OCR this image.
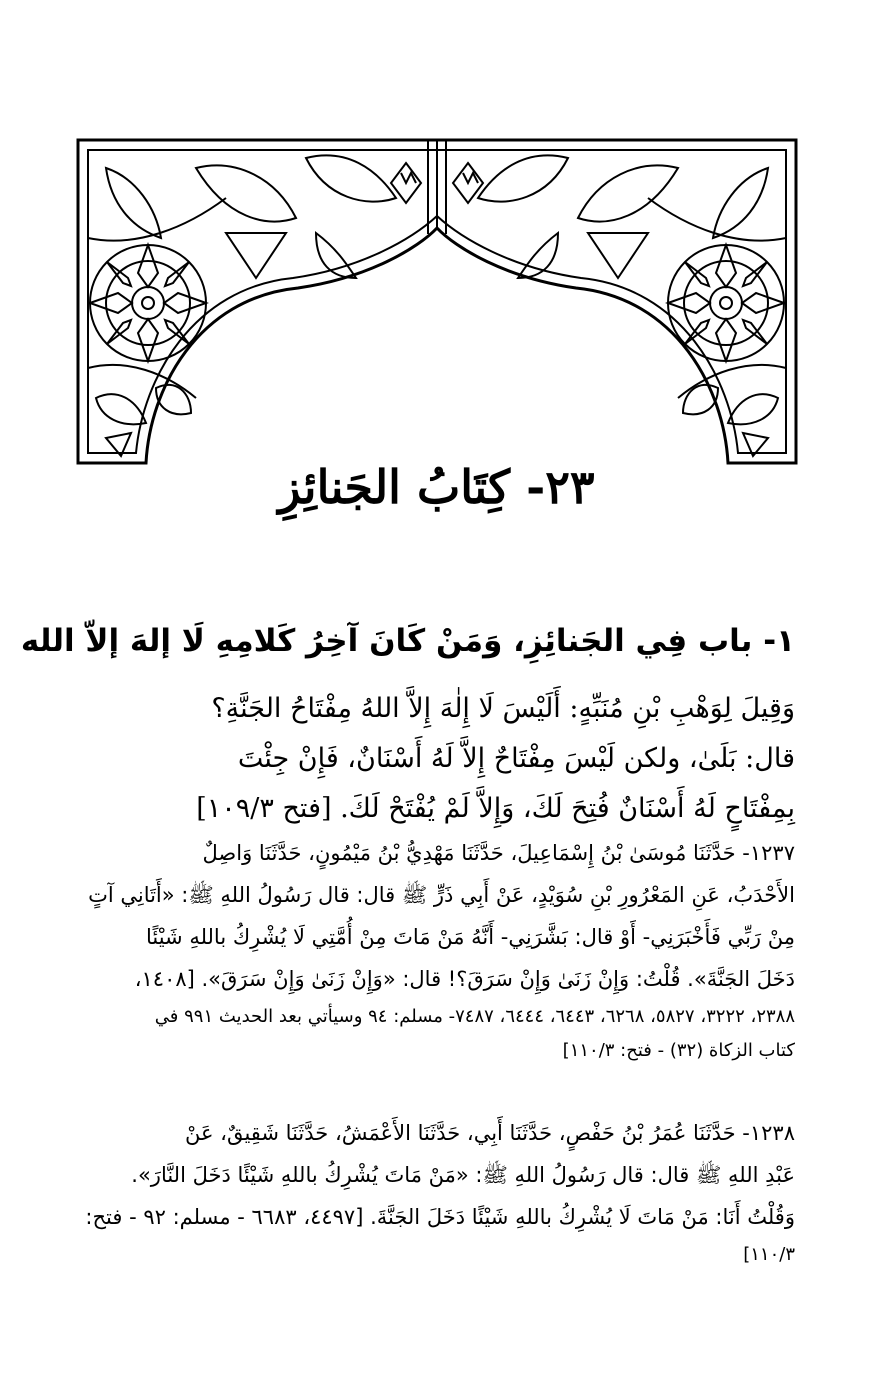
٢٣- كِتَابُ الجَنائِزِ
١- باب فِي الجَنائِزِ، وَمَنْ كَانَ آخِرُ كَلامِهِ لَا إلهَ إلاّ الله
وَقِيلَ لِوَهْبِ بْنِ مُنَبِّهٍ: أَلَيْسَ لَا إِلٰهَ إِلاَّ اللهُ مِفْتَاحُ الجَنَّةِ؟
قال: بَلَىٰ، ولكن لَيْسَ مِفْتَاحٌ إِلاَّ لَهُ أَسْنَانٌ، فَإِنْ جِئْتَ
بِمِفْتَاحٍ لَهُ أَسْنَانٌ فُتِحَ لَكَ، وَإِلاَّ لَمْ يُفْتَحْ لَكَ. [فتح ١٠٩/٣]
١٢٣٧- حَدَّثَنَا مُوسَىٰ بْنُ إِسْمَاعِيلَ، حَدَّثَنَا مَهْدِيُّ بْنُ مَيْمُونٍ، حَدَّثَنَا وَاصِلٌ
الأَحْدَبُ، عَنِ المَعْرُورِ بْنِ سُوَيْدٍ، عَنْ أَبِي ذَرٍّ ﷺ قال: قال رَسُولُ اللهِ ﷺ: «أَتَانِي آتٍ
مِنْ رَبِّي فَأَخْبَرَنِي- أَوْ قال: بَشَّرَنِي- أَنَّهُ مَنْ مَاتَ مِنْ أُمَّتِي لَا يُشْرِكُ باللهِ شَيْئًا
دَخَلَ الجَنَّةَ». قُلْتُ: وَإِنْ زَنَىٰ وَإِنْ سَرَقَ؟! قال: «وَإِنْ زَنَىٰ وَإِنْ سَرَقَ». [١٤٠٨،
٢٣٨٨، ٣٢٢٢، ٥٨٢٧، ٦٢٦٨، ٦٤٤٣، ٦٤٤٤، ٧٤٨٧- مسلم: ٩٤ وسيأتي بعد الحديث ٩٩١ في
كتاب الزكاة (٣٢) - فتح: ١١٠/٣]
١٢٣٨- حَدَّثَنَا عُمَرُ بْنُ حَفْصٍ، حَدَّثَنَا أَبِي، حَدَّثَنَا الأَعْمَشُ، حَدَّثَنَا شَقِيقٌ، عَنْ
عَبْدِ اللهِ ﷺ قال: قال رَسُولُ اللهِ ﷺ: «مَنْ مَاتَ يُشْرِكُ باللهِ شَيْئًا دَخَلَ النَّارَ».
وَقُلْتُ أَنَا: مَنْ مَاتَ لَا يُشْرِكُ باللهِ شَيْئًا دَخَلَ الجَنَّةَ. [٤٤٩٧، ٦٦٨٣ - مسلم: ٩٢ - فتح:
١١٠/٣]
